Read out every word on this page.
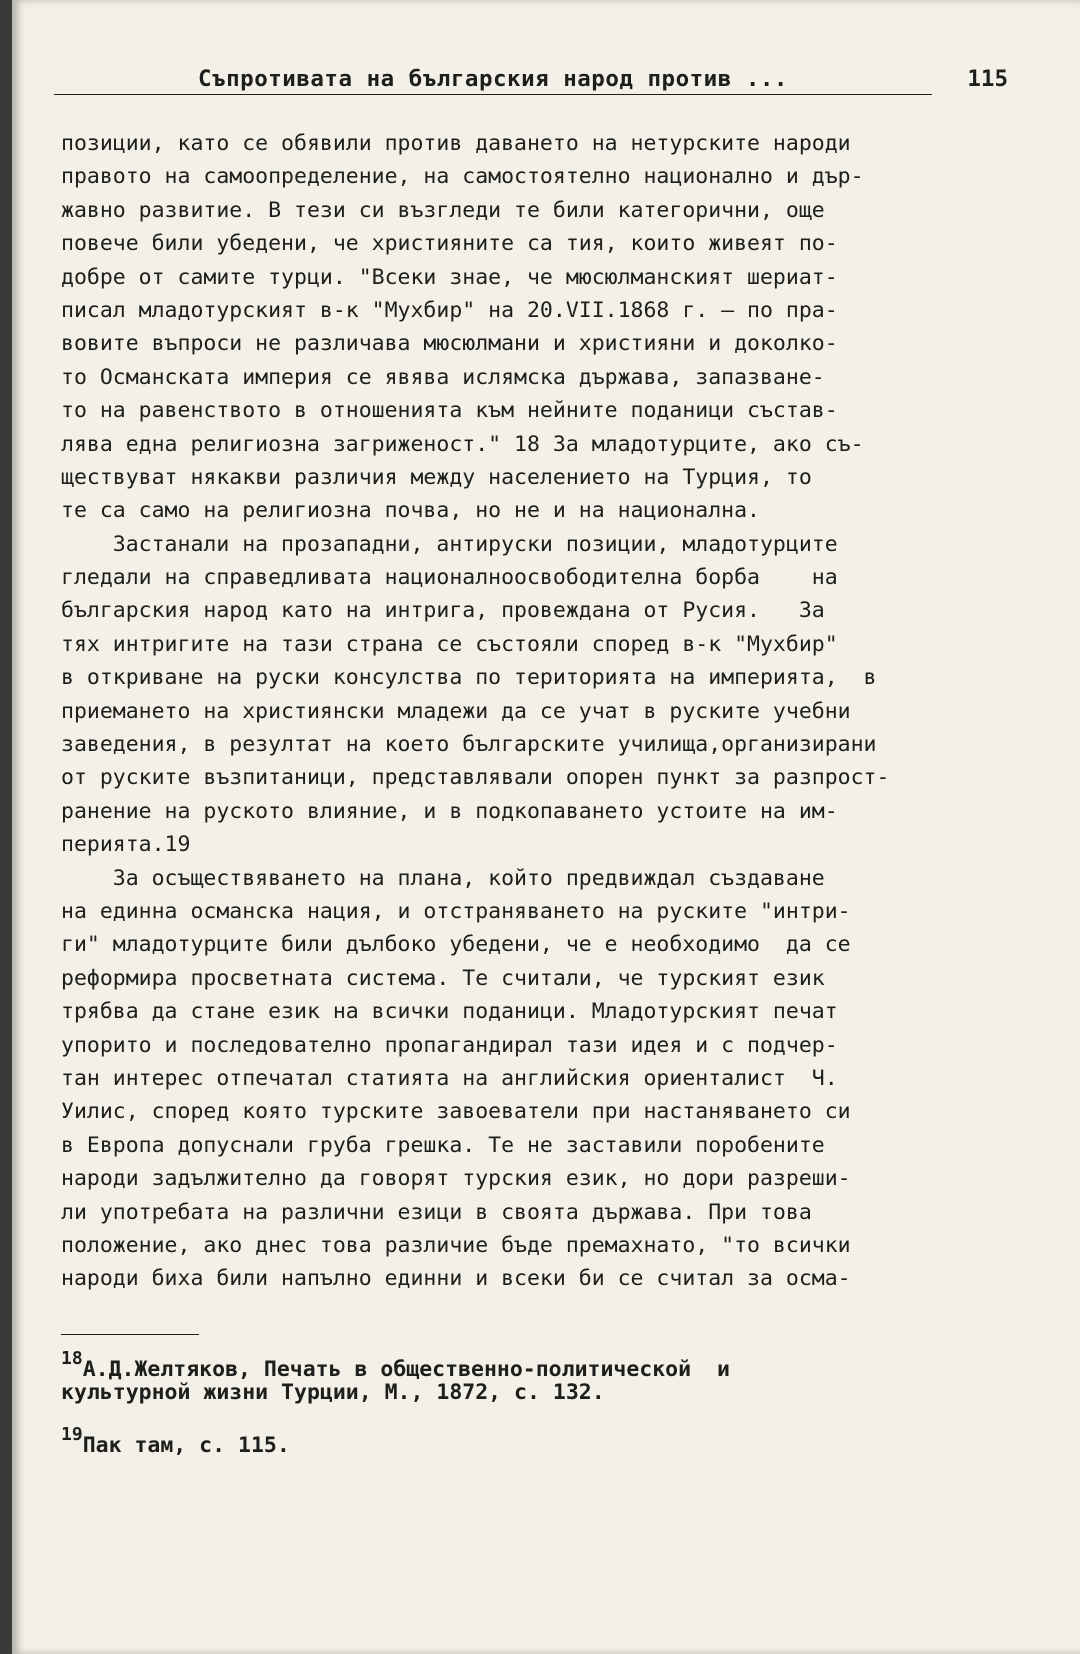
Съпротивата на българския народ против ...	115
позиции, като се обявили против даването на нетурските народи
правото на самоопределение, на самостоятелно национално и дър-
жавно развитие. В тези си възгледи те били категорични, още
повече били убедени, че християните са тия, които живеят по-
добре от самите турци. "Всеки знае, че мюсюлманският шериат-
писал младотурският в-к "Мухбир" на 20.VII.1868 г. — по пра-
вовите въпроси не различава мюсюлмани и християни и доколко-
то Османската империя се явява ислямска държава, запазване-
то на равенството в отношенията към нейните поданици състав-
лява една религиозна загриженост." 18 За младотурците, ако съ-
ществуват някакви различия между населението на Турция, то
те са само на религиозна почва, но не и на национална.
Застанали на прозападни, антируски позиции, младотурците
гледали на справедливата националноосвободителна борба    на
българския народ като на интрига, провеждана от Русия.   За
тях интригите на тази страна се състояли според в-к "Мухбир"
в откриване на руски консулства по територията на империята,  в
приемането на християнски младежи да се учат в руските учебни
заведения, в резултат на което българските училища,организирани
от руските възпитаници, представлявали опорен пункт за разпрост-
ранение на руското влияние, и в подкопаването устоите на им-
перията.19
За осъществяването на плана, който предвиждал създаване
на единна османска нация, и отстраняването на руските "интри-
ги" младотурците били дълбоко убедени, че е необходимо  да се
реформира просветната система. Те считали, че турският език
трябва да стане език на всички поданици. Младотурският печат
упорито и последователно пропагандирал тази идея и с подчер-
тан интерес отпечатал статията на английския ориенталист  Ч.
Уилис, според която турските завоеватели при настаняването си
в Европа допуснали груба грешка. Те не заставили поробените
народи задължително да говорят турския език, но дори разреши-
ли употребата на различни езици в своята държава. При това
положение, ако днес това различие бъде премахнато, "то всички
народи биха били напълно единни и всеки би се считал за осма-
$^{18}$А.Д.Желтяков, Печать в общественно-политической  и
культурной жизни Турции, М., 1872, с. 132.
$^{19}$Пак там, с. 115.
